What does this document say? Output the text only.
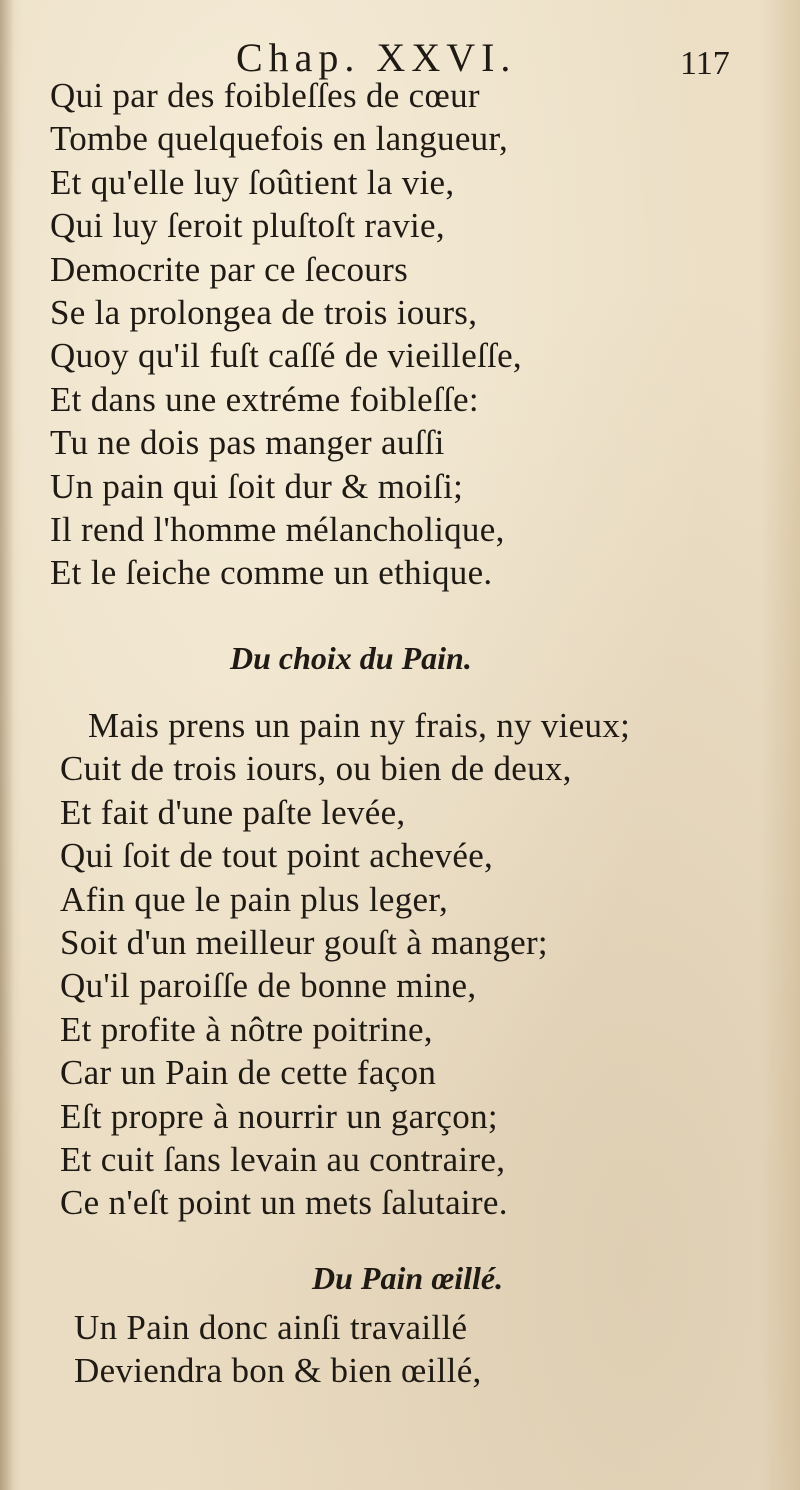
Chap. XXVI.	117
Qui par des foibleſſes de cœur
Tombe quelquefois en langueur,
Et qu'elle luy ſoûtient la vie,
Qui luy ſeroit pluſtoſt ravie,
Democrite par ce ſecours
Se la prolongea de trois iours,
Quoy qu'il fuſt caſſé de vieilleſſe,
Et dans une extréme foibleſſe:
Tu ne dois pas manger auſſi
Un pain qui ſoit dur & moiſi;
Il rend l'homme mélancholique,
Et le ſeiche comme un ethique.
Du choix du Pain.
Mais prens un pain ny frais, ny vieux;
Cuit de trois iours, ou bien de deux,
Et fait d'une paſte levée,
Qui ſoit de tout point achevée,
Afin que le pain plus leger,
Soit d'un meilleur gouſt à manger;
Qu'il paroiſſe de bonne mine,
Et profite à nôtre poitrine,
Car un Pain de cette façon
Eſt propre à nourrir un garçon;
Et cuit ſans levain au contraire,
Ce n'eſt point un mets ſalutaire.
Du Pain œillé.
Un Pain donc ainſi travaillé
Deviendra bon & bien œillé,
